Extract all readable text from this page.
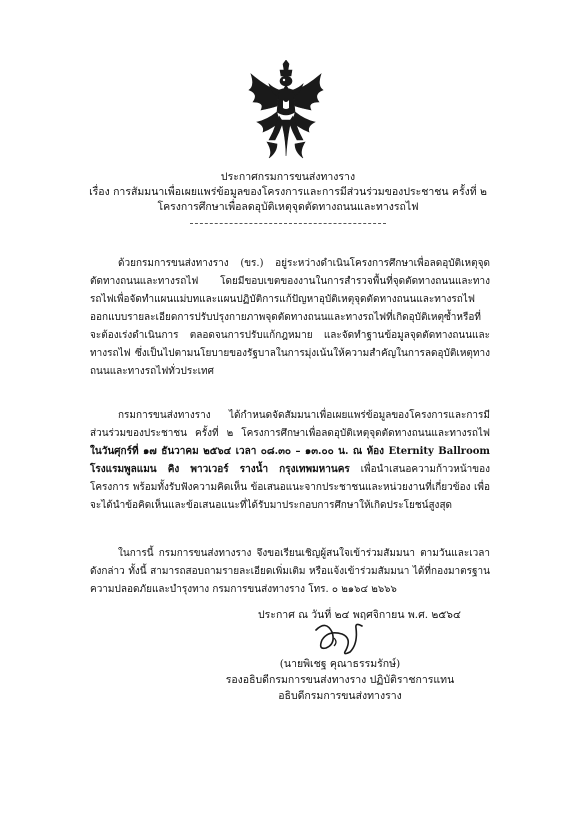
ประกาศกรมการขนส่งทางราง
เรื่อง การสัมมนาเพื่อเผยแพร่ข้อมูลของโครงการและการมีส่วนร่วมของประชาชน ครั้งที่ ๒
โครงการศึกษาเพื่อลดอุบัติเหตุจุดตัดทางถนนและทางรถไฟ

ด้วยกรมการขนส่งทางราง (ขร.) อยู่ระหว่างดำเนินโครงการศึกษาเพื่อลดอุบัติเหตุจุดตัดทางถนนและทางรถไฟ โดยมีขอบเขตของงานในการสำรวจพื้นที่จุดตัดทางถนนและทางรถไฟเพื่อจัดทำแผนแม่บทและแผนปฏิบัติการแก้ปัญหาอุบัติเหตุจุดตัดทางถนนและทางรถไฟ ออกแบบรายละเอียดการปรับปรุงกายภาพจุดตัดทางถนนและทางรถไฟที่เกิดอุบัติเหตุซ้ำหรือที่จะต้องเร่งดำเนินการ ตลอดจนการปรับแก้กฎหมาย และจัดทำฐานข้อมูลจุดตัดทางถนนและทางรถไฟ ซึ่งเป็นไปตามนโยบายของรัฐบาลในการมุ่งเน้นให้ความสำคัญในการลดอุบัติเหตุทางถนนและทางรถไฟทั่วประเทศ

กรมการขนส่งทางราง ได้กำหนดจัดสัมมนาเพื่อเผยแพร่ข้อมูลของโครงการและการมีส่วนร่วมของประชาชน ครั้งที่ ๒ โครงการศึกษาเพื่อลดอุบัติเหตุจุดตัดทางถนนและทางรถไฟ ในวันศุกร์ที่ ๑๗ ธันวาคม ๒๕๖๔ เวลา ๐๘.๓๐ – ๑๓.๐๐ น. ณ ห้อง Eternity Ballroom โรงแรมพูลแมน คิง พาวเวอร์ รางน้ำ กรุงเทพมหานคร เพื่อนำเสนอความก้าวหน้าของโครงการ พร้อมทั้งรับฟังความคิดเห็น ข้อเสนอแนะจากประชาชนและหน่วยงานที่เกี่ยวข้อง เพื่อจะได้นำข้อคิดเห็นและข้อเสนอแนะที่ได้รับมาประกอบการศึกษาให้เกิดประโยชน์สูงสุด

ในการนี้ กรมการขนส่งทางราง จึงขอเรียนเชิญผู้สนใจเข้าร่วมสัมมนา ตามวันและเวลาดังกล่าว ทั้งนี้ สามารถสอบถามรายละเอียดเพิ่มเติม หรือแจ้งเข้าร่วมสัมมนา ได้ที่กองมาตรฐานความปลอดภัยและบำรุงทาง กรมการขนส่งทางราง โทร. ๐ ๒๑๖๔ ๒๖๖๖

ประกาศ ณ วันที่ ๒๔ พฤศจิกายน พ.ศ. ๒๕๖๔
(นายพิเชฐ คุณาธรรมรักษ์)
รองอธิบดีกรมการขนส่งทางราง ปฏิบัติราชการแทน
อธิบดีกรมการขนส่งทางราง
